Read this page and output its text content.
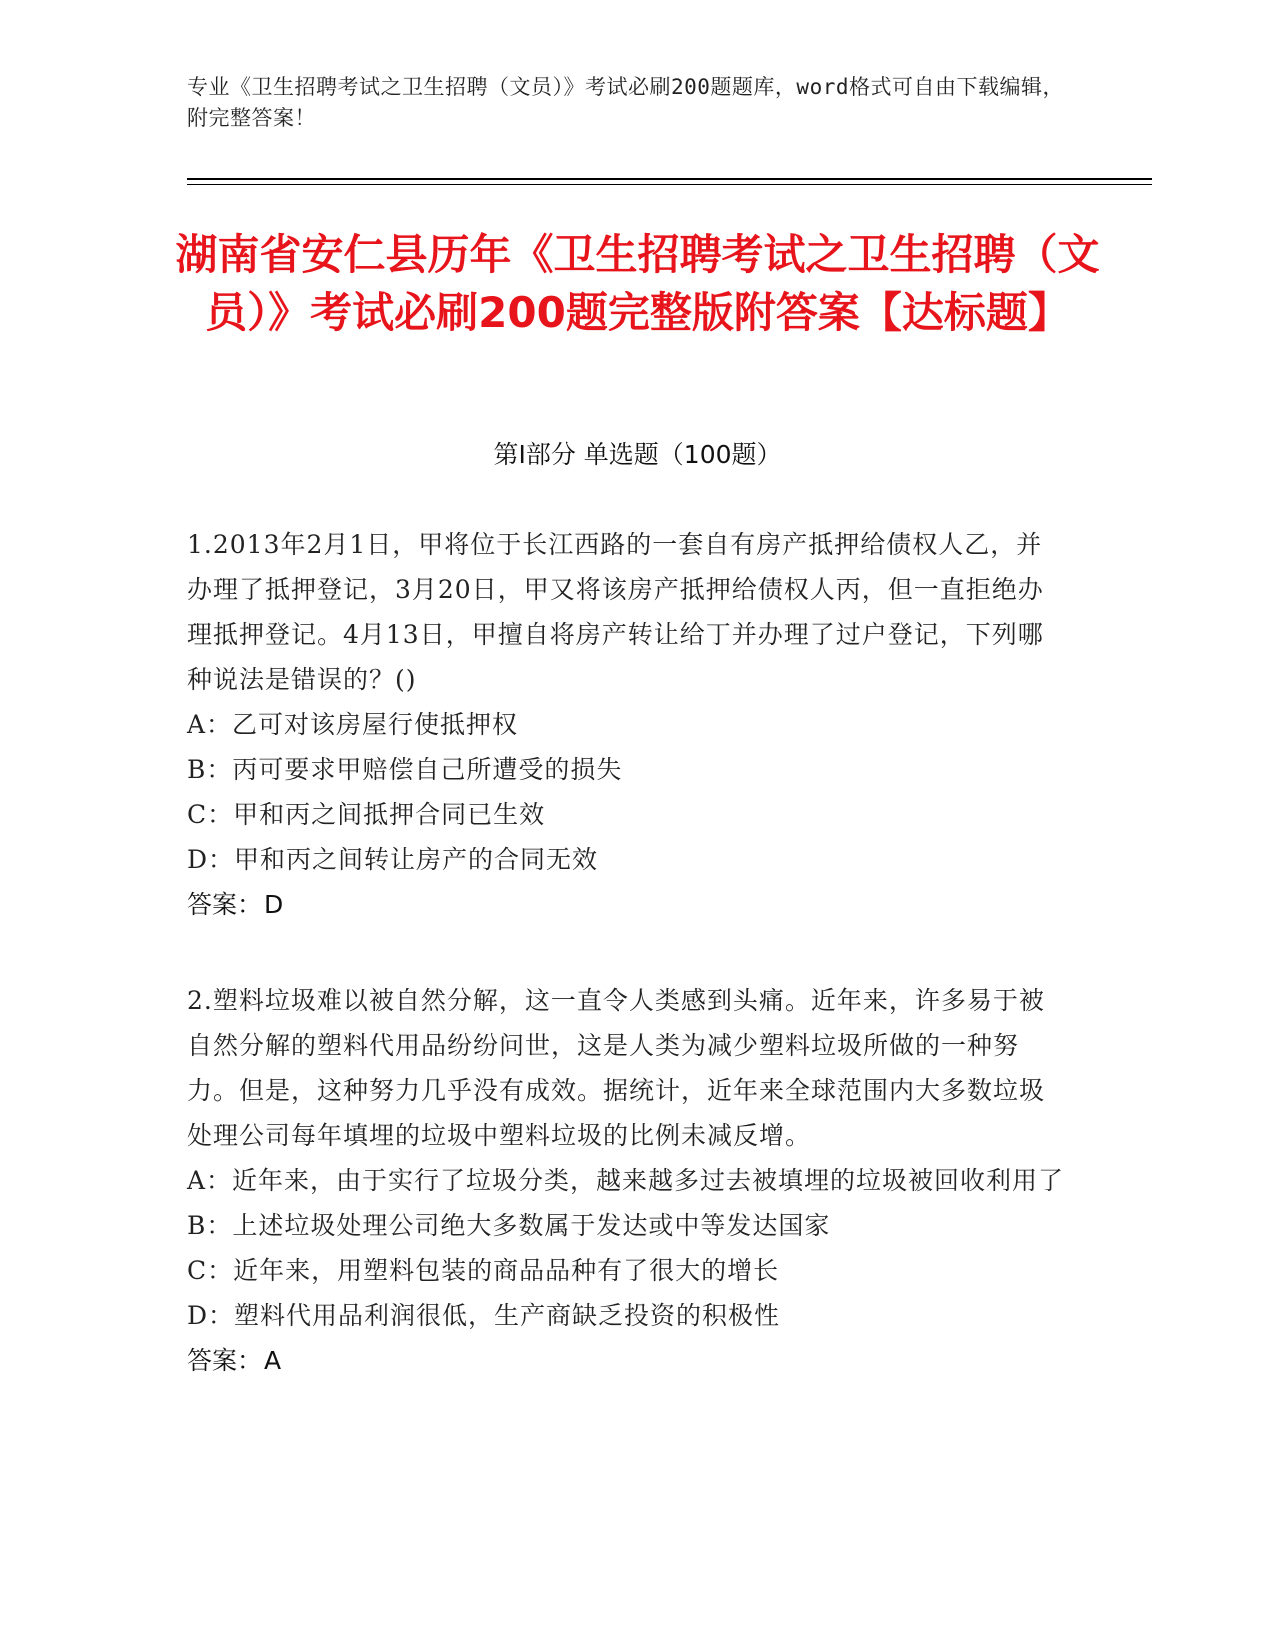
专业《卫生招聘考试之卫生招聘（文员）》考试必刷200题题库，word格式可自由下载编辑，附完整答案！
湖南省安仁县历年《卫生招聘考试之卫生招聘（文员）》考试必刷200题完整版附答案【达标题】
第Ⅰ部分 单选题（100题）

1.2013年2月1日，甲将位于长江西路的一套自有房产抵押给债权人乙，并办理了抵押登记，3月20日，甲又将该房产抵押给债权人丙，但一直拒绝办理抵押登记。4月13日，甲擅自将房产转让给丁并办理了过户登记，下列哪种说法是错误的？()

A：乙可对该房屋行使抵押权

B：丙可要求甲赔偿自己所遭受的损失

C：甲和丙之间抵押合同已生效

D：甲和丙之间转让房产的合同无效

答案：D

2.塑料垃圾难以被自然分解，这一直令人类感到头痛。近年来，许多易于被自然分解的塑料代用品纷纷问世，这是人类为减少塑料垃圾所做的一种努力。但是，这种努力几乎没有成效。据统计，近年来全球范围内大多数垃圾处理公司每年填埋的垃圾中塑料垃圾的比例未减反增。

A：近年来，由于实行了垃圾分类，越来越多过去被填埋的垃圾被回收利用了

B：上述垃圾处理公司绝大多数属于发达或中等发达国家

C：近年来，用塑料包装的商品品种有了很大的增长

D：塑料代用品利润很低，生产商缺乏投资的积极性

答案：A
